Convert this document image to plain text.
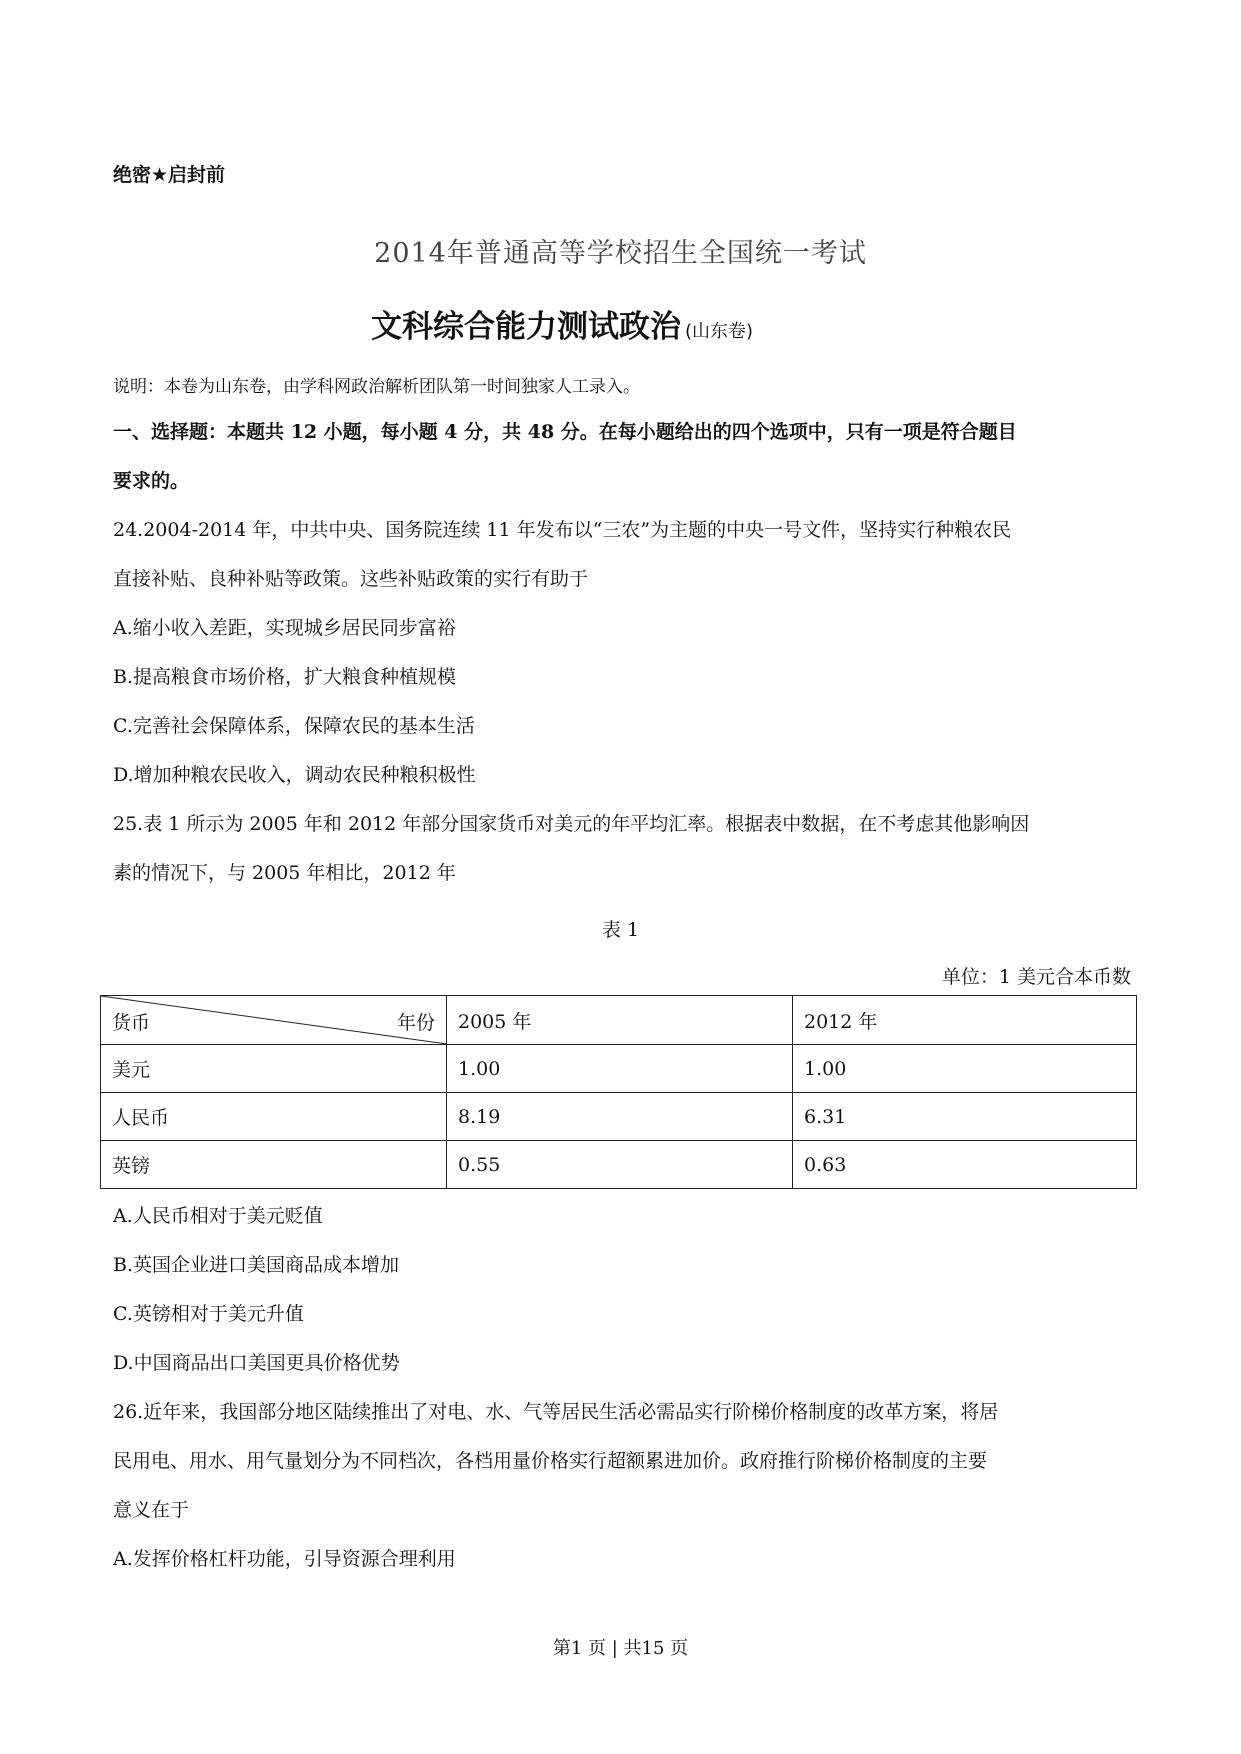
绝密★启封前
2014年普通高等学校招生全国统一考试
文科综合能力测试政治 (山东卷)
说明：本卷为山东卷，由学科网政治解析团队第一时间独家人工录入。
一、选择题：本题共 12 小题，每小题 4 分，共 48 分。在每小题给出的四个选项中，只有一项是符合题目
要求的。
24.2004-2014 年，中共中央、国务院连续 11 年发布以“三农”为主题的中央一号文件，坚持实行种粮农民
直接补贴、良种补贴等政策。这些补贴政策的实行有助于
A.缩小收入差距，实现城乡居民同步富裕
B.提高粮食市场价格，扩大粮食种植规模
C.完善社会保障体系，保障农民的基本生活
D.增加种粮农民收入，调动农民种粮积极性
25.表 1 所示为 2005 年和 2012 年部分国家货币对美元的年平均汇率。根据表中数据，在不考虑其他影响因
素的情况下，与 2005 年相比，2012 年
表 1
单位：1 美元合本币数
货币 年份	2005 年	2012 年
美元	1.00	1.00
人民币	8.19	6.31
英镑	0.55	0.63
A.人民币相对于美元贬值
B.英国企业进口美国商品成本增加
C.英镑相对于美元升值
D.中国商品出口美国更具价格优势
26.近年来，我国部分地区陆续推出了对电、水、气等居民生活必需品实行阶梯价格制度的改革方案，将居
民用电、用水、用气量划分为不同档次，各档用量价格实行超额累进加价。政府推行阶梯价格制度的主要
意义在于
A.发挥价格杠杆功能，引导资源合理利用
第1 页 | 共15 页
